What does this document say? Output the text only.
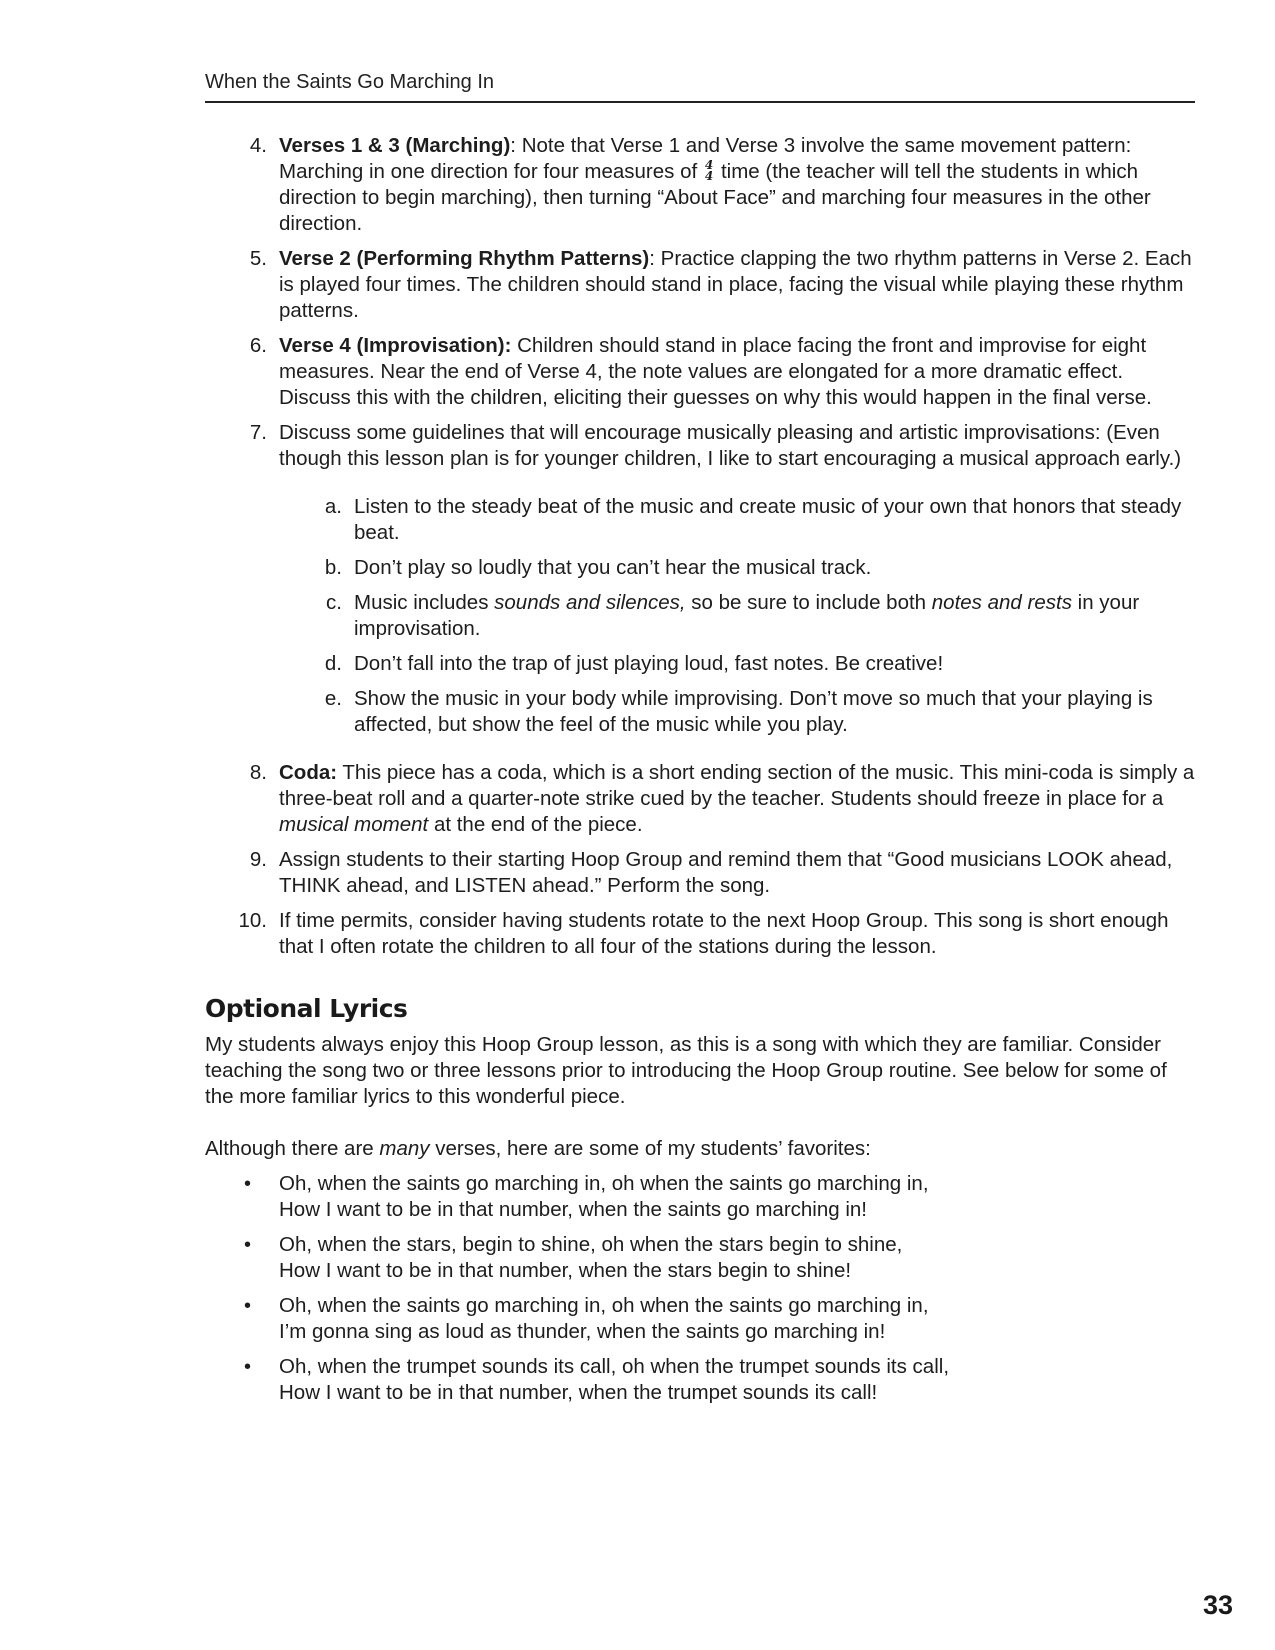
When the Saints Go Marching In
4. Verses 1 & 3 (Marching): Note that Verse 1 and Verse 3 involve the same movement pattern: Marching in one direction for four measures of 4
4 time (the teacher will tell the students in which direction to begin marching), then turning “About Face” and marching four measures in the other direction.
5. Verse 2 (Performing Rhythm Patterns): Practice clapping the two rhythm patterns in Verse 2. Each is played four times. The children should stand in place, facing the visual while playing these rhythm patterns.
6. Verse 4 (Improvisation): Children should stand in place facing the front and improvise for eight measures. Near the end of Verse 4, the note values are elongated for a more dramatic effect. Discuss this with the children, eliciting their guesses on why this would happen in the final verse.
7. Discuss some guidelines that will encourage musically pleasing and artistic improvisations: (Even though this lesson plan is for younger children, I like to start encouraging a musical approach early.)
a. Listen to the steady beat of the music and create music of your own that honors that steady beat.
b. Don’t play so loudly that you can’t hear the musical track.
c. Music includes sounds and silences, so be sure to include both notes and rests in your improvisation.
d. Don’t fall into the trap of just playing loud, fast notes. Be creative!
e. Show the music in your body while improvising. Don’t move so much that your playing is affected, but show the feel of the music while you play.
8. Coda: This piece has a coda, which is a short ending section of the music. This mini-coda is simply a three-beat roll and a quarter-note strike cued by the teacher. Students should freeze in place for a musical moment at the end of the piece.
9. Assign students to their starting Hoop Group and remind them that “Good musicians LOOK ahead, THINK ahead, and LISTEN ahead.” Perform the song.
10. If time permits, consider having students rotate to the next Hoop Group. This song is short enough that I often rotate the children to all four of the stations during the lesson.
Optional Lyrics

My students always enjoy this Hoop Group lesson, as this is a song with which they are familiar. Consider teaching the song two or three lessons prior to introducing the Hoop Group routine. See below for some of the more familiar lyrics to this wonderful piece.

Although there are many verses, here are some of my students’ favorites:

•	Oh, when the saints go marching in, oh when the saints go marching in,
How I want to be in that number, when the saints go marching in!
•	Oh, when the stars, begin to shine, oh when the stars begin to shine,
How I want to be in that number, when the stars begin to shine!
•	Oh, when the saints go marching in, oh when the saints go marching in,
I’m gonna sing as loud as thunder, when the saints go marching in!
•	Oh, when the trumpet sounds its call, oh when the trumpet sounds its call,
How I want to be in that number, when the trumpet sounds its call!
33
